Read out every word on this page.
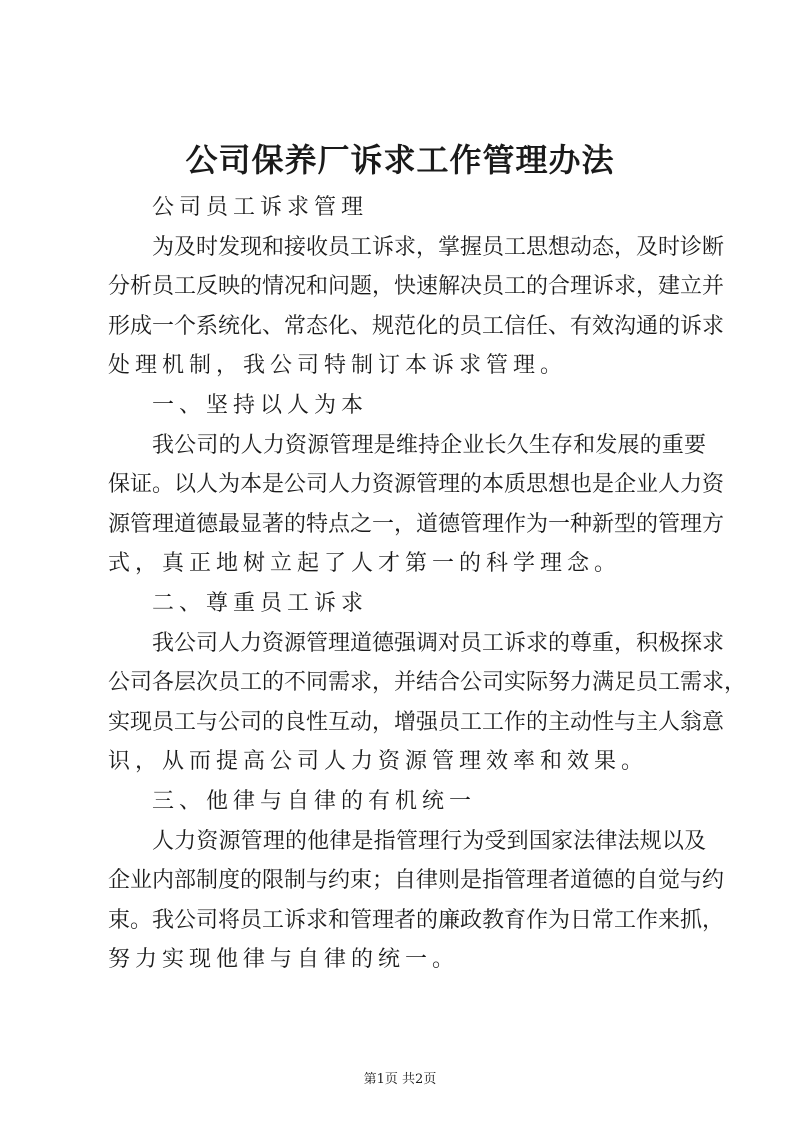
公司保养厂诉求工作管理办法
公司员工诉求管理
为及时发现和接收员工诉求，掌握员工思想动态，及时诊断
分析员工反映的情况和问题，快速解决员工的合理诉求，建立并
形成一个系统化、常态化、规范化的员工信任、有效沟通的诉求
处理机制，我公司特制订本诉求管理。
一、坚持以人为本
我公司的人力资源管理是维持企业长久生存和发展的重要
保证。以人为本是公司人力资源管理的本质思想也是企业人力资
源管理道德最显著的特点之一，道德管理作为一种新型的管理方
式，真正地树立起了人才第一的科学理念。
二、尊重员工诉求
我公司人力资源管理道德强调对员工诉求的尊重，积极探求
公司各层次员工的不同需求，并结合公司实际努力满足员工需求，
实现员工与公司的良性互动，增强员工工作的主动性与主人翁意
识，从而提高公司人力资源管理效率和效果。
三、他律与自律的有机统一
人力资源管理的他律是指管理行为受到国家法律法规以及
企业内部制度的限制与约束；自律则是指管理者道德的自觉与约
束。我公司将员工诉求和管理者的廉政教育作为日常工作来抓，
努力实现他律与自律的统一。
第1页 共2页
